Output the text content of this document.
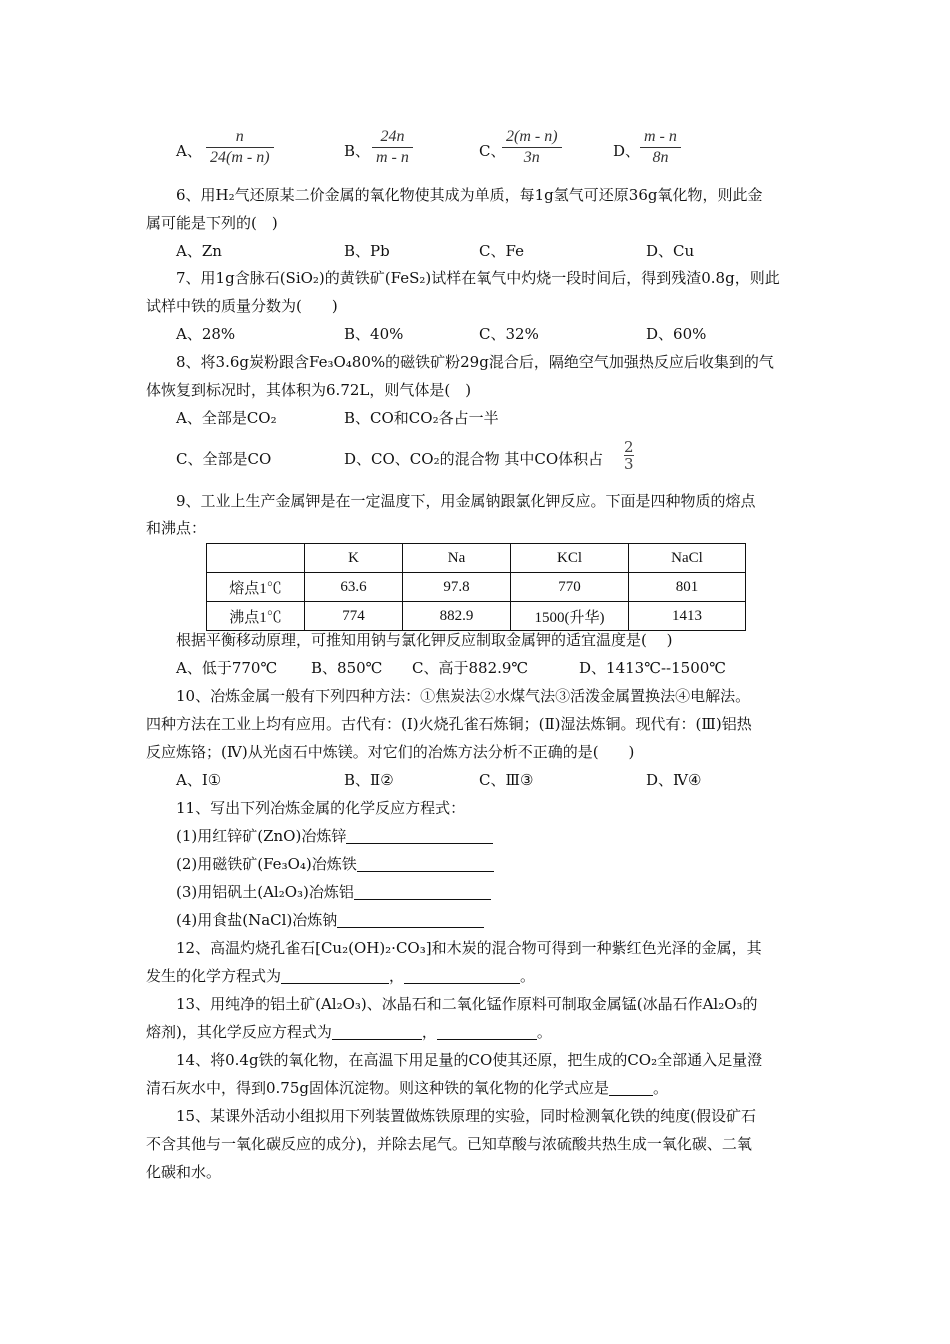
A、 $\frac{n}{24(m - n)}$	B、 $\frac{24n}{m - n}$	C、
$\frac{2(m - n)}{3n}$	D、 $\frac{m - n}{8n}$
6、用H₂气还原某二价金属的氧化物使其成为单质，每1g氢气可还原36g氧化物，则此金
属可能是下列的(　)
A、Zn	B、Pb	C、Fe	D、Cu
7、用1g含脉石(SiO₂)的黄铁矿(FeS₂)试样在氧气中灼烧一段时间后，得到残渣0.8g，则此
试样中铁的质量分数为(　　)
A、28%	B、40%	C、32%	D、60%
8、将3.6g炭粉跟含Fe₃O₄80%的磁铁矿粉29g混合后，隔绝空气加强热反应后收集到的气
体恢复到标况时，其体积为6.72L，则气体是(　)
A、全部是CO₂	B、CO和CO₂各占一半
C、全部是CO	D、CO、CO₂的混合物 其中CO体积占 $\frac{2}{3}$
9、工业上生产金属钾是在一定温度下，用金属钠跟氯化钾反应。下面是四种物质的熔点
和沸点：
	K	Na	KCl	NaCl
熔点1℃	63.6	97.8	770	801
沸点1℃	774	882.9	1500(升华)	1413
根据平衡移动原理，可推知用钠与氯化钾反应制取金属钾的适宜温度是(　 )
A、低于770℃ B、850℃ C、高于882.9℃	D、1413℃--1500℃
10、冶炼金属一般有下列四种方法：①焦炭法②水煤气法③活泼金属置换法④电解法。
四种方法在工业上均有应用。古代有：(Ⅰ)火烧孔雀石炼铜；(Ⅱ)湿法炼铜。现代有：(Ⅲ)铝热
反应炼铬；(Ⅳ)从光卤石中炼镁。对它们的冶炼方法分析不正确的是(　　)
A、Ⅰ①	B、Ⅱ②	C、Ⅲ③	D、Ⅳ④
11、写出下列冶炼金属的化学反应方程式：
(1)用红锌矿(ZnO)冶炼锌
(2)用磁铁矿(Fe₃O₄)冶炼铁
(3)用铝矾土(Al₂O₃)冶炼铝
(4)用食盐(NaCl)冶炼钠
12、高温灼烧孔雀石[Cu₂(OH)₂·CO₃]和木炭的混合物可得到一种紫红色光泽的金属，其
发生的化学方程式为	，	。
13、用纯净的铝土矿(Al₂O₃)、冰晶石和二氧化锰作原料可制取金属锰(冰晶石作Al₂O₃的
熔剂)，其化学反应方程式为	，	。
14、将0.4g铁的氧化物，在高温下用足量的CO使其还原，把生成的CO₂全部通入足量澄
清石灰水中，得到0.75g固体沉淀物。则这种铁的氧化物的化学式应是	。
15、某课外活动小组拟用下列装置做炼铁原理的实验，同时检测氧化铁的纯度(假设矿石
不含其他与一氧化碳反应的成分)，并除去尾气。已知草酸与浓硫酸共热生成一氧化碳、二氧
化碳和水。
